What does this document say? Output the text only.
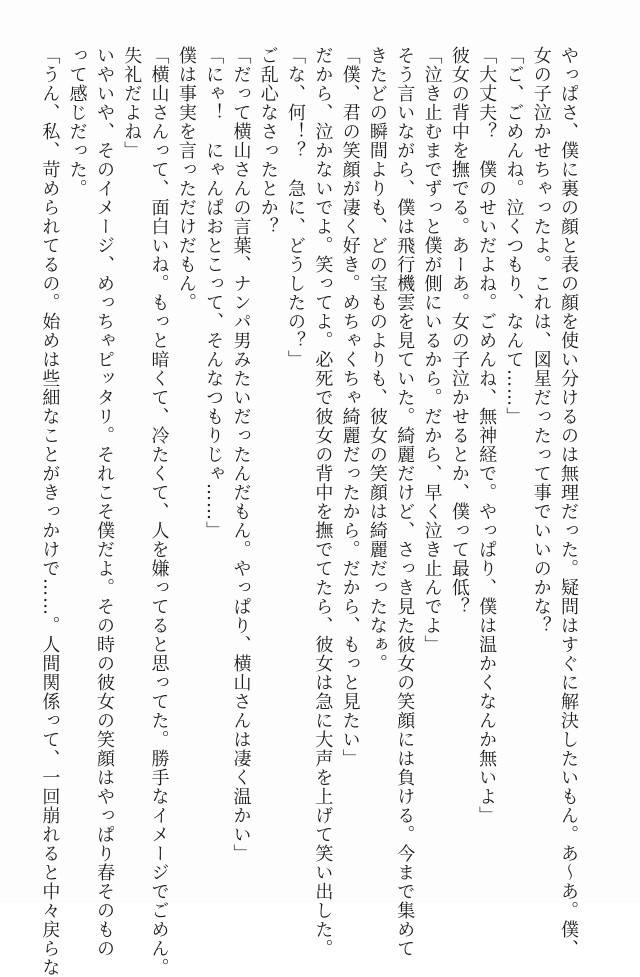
やっぱさ、僕に裏の顔と表の顔を使い分けるのは無理だった。疑問はすぐに解決したいもん。あ〜あ。僕、

女の子泣かせちゃったよ。これは、図星だったって事でいいのかな？

「ご、ごめんね。泣くつもり、なんて……」

「大丈夫？　僕のせいだよね。ごめんね、無神経で。やっぱり、僕は温かくなんか無いよ」

彼女の背中を撫でる。あーあ。女の子泣かせるとか、僕って最低？

「泣き止むまでずっと僕が側にいるから。だから、早く泣き止んでよ」

そう言いながら、僕は飛行機雲を見ていた。綺麗だけど、さっき見た彼女の笑顔には負ける。今まで集めて

きたどの瞬間よりも、どの宝ものよりも、彼女の笑顔は綺麗だったなぁ。

「僕、君の笑顔が凄く好き。めちゃくちゃ綺麗だったから。だから、もっと見たい」

だから、泣かないでよ。笑ってよ。必死で彼女の背中を撫でてたら、彼女は急に大声を上げて笑い出した。

「な、何！？　急に、どうしたの？」

ご乱心なさったとか？

「だって横山さんの言葉、ナンパ男みたいだったんだもん。やっぱり、横山さんは凄く温かい」

「にゃ！　にゃんぱおとこって、そんなつもりじゃ……」

僕は事実を言っただけだもん。

「横山さんって、面白いね。もっと暗くて、冷たくて、人を嫌ってると思ってた。勝手なイメージでごめん。

失礼だよね」

いやいや、そのイメージ、めっちゃピッタリ。それこそ僕だよ。その時の彼女の笑顔はやっぱり春そのもの

って感じだった。

「うん、私、苛められてるの。始めは些細なことがきっかけで……。人間関係って、一回崩れると中々戻らな
